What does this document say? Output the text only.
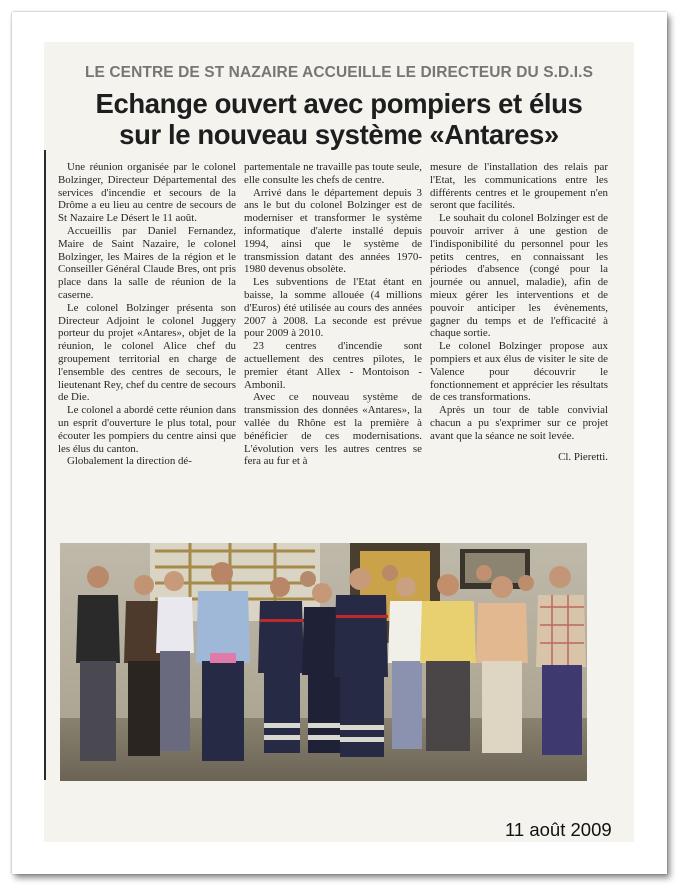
LE CENTRE DE ST NAZAIRE ACCUEILLE LE DIRECTEUR DU S.D.I.S
Echange ouvert avec pompiers et élus
sur le nouveau système «Antares»

Une réunion organisée par le colonel Bolzinger, Directeur Départemental des services d'incendie et secours de la Drôme a eu lieu au centre de secours de St Nazaire Le Désert le 11 août.

Accueillis par Daniel Fernandez, Maire de Saint Nazaire, le colonel Bolzinger, les Maires de la région et le Conseiller Général Claude Bres, ont pris place dans la salle de réunion de la caserne.

Le colonel Bolzinger présenta son Directeur Adjoint le colonel Juggery porteur du projet «Antares», objet de la réunion, le colonel Alice chef du groupement territorial en charge de l'ensemble des centres de secours, le lieutenant Rey, chef du centre de secours de Die.

Le colonel a abordé cette réunion dans un esprit d'ouverture le plus total, pour écouter les pompiers du centre ainsi que les élus du canton.

Globalement la direction dé-

partementale ne travaille pas toute seule, elle consulte les chefs de centre.

Arrivé dans le département depuis 3 ans le but du colonel Bolzinger est de moderniser et transformer le système informatique d'alerte installé depuis 1994, ainsi que le système de transmission datant des années 1970-1980 devenus obsolète.

Les subventions de l'Etat étant en baisse, la somme allouée (4 millions d'Euros) été utilisée au cours des années 2007 à 2008. La seconde est prévue pour 2009 à 2010.

23 centres d'incendie sont actuellement des centres pilotes, le premier étant Allex - Montoison - Ambonil.

Avec ce nouveau système de transmission des données «Antares», la vallée du Rhône est la première à bénéficier de ces modernisations. L'évolution vers les autres centres se fera au fur et à

mesure de l'installation des relais par l'Etat, les communications entre les différents centres et le groupement n'en seront que facilités.

Le souhait du colonel Bolzinger est de pouvoir arriver à une gestion de l'indisponibilité du personnel pour les petits centres, en connaissant les périodes d'absence (congé pour la journée ou annuel, maladie), afin de mieux gérer les interventions et de pouvoir anticiper les évènements, gagner du temps et de l'efficacité à chaque sortie.

Le colonel Bolzinger propose aux pompiers et aux élus de visiter le site de Valence pour découvrir le fonctionnement et apprécier les résultats de ces transformations.

Après un tour de table convivial chacun a pu s'exprimer sur ce projet avant que la séance ne soit levée.

Cl. Pieretti.

11 août 2009
